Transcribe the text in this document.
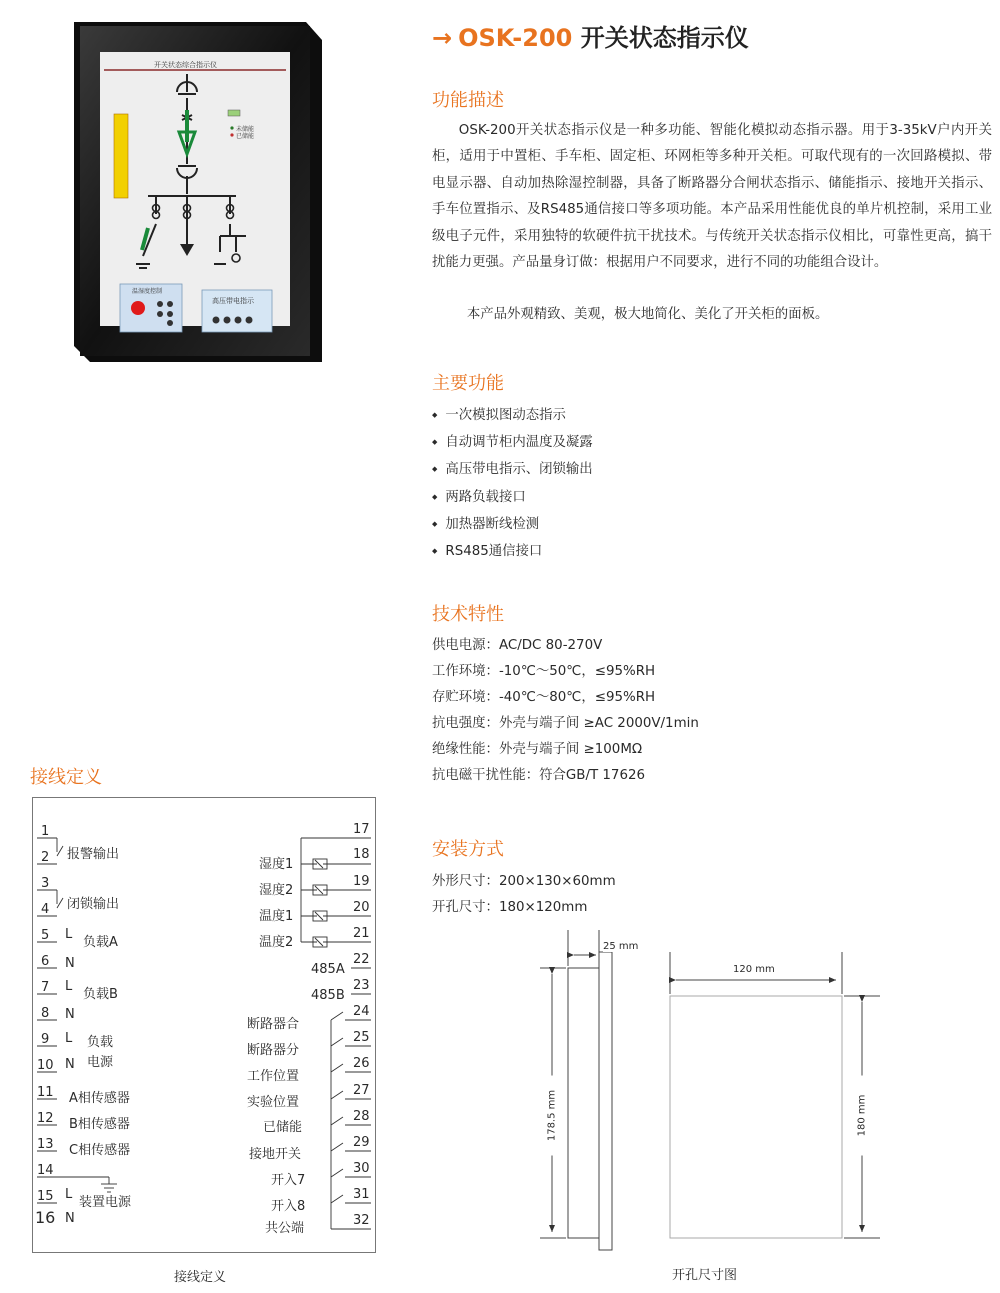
开关状态综合指示仪
未储能
已储能
温湿度控制
高压带电指示
→ OSK-200 开关状态指示仪
功能描述
OSK-200开关状态指示仪是一种多功能、智能化模拟动态指示器。用于3-35kV户内开关柜，适用于中置柜、手车柜、固定柜、环网柜等多种开关柜。可取代现有的一次回路模拟、带电显示器、自动加热除湿控制器，具备了断路器分合闸状态指示、储能指示、接地开关指示、手车位置指示、及RS485通信接口等多项功能。本产品采用性能优良的单片机控制，采用工业级电子元件，采用独特的软硬件抗干扰技术。与传统开关状态指示仪相比，可靠性更高，搞干扰能力更强。产品量身订做：根据用户不同要求，进行不同的功能组合设计。
本产品外观精致、美观，极大地简化、美化了开关柜的面板。
主要功能
◆ 一次模拟图动态指示
◆ 自动调节柜内温度及凝露
◆ 高压带电指示、闭锁输出
◆ 两路负载接口
◆ 加热器断线检测
◆ RS485通信接口
技术特性
供电电源：AC/DC 80-270V
工作环境：-10℃～50℃，≤95%RH
存贮环境：-40℃～80℃，≤95%RH
抗电强度：外壳与端子间 ≥AC 2000V/1min
绝缘性能：外壳与端子间 ≥100MΩ
抗电磁干扰性能：符合GB/T 17626
安装方式
外形尺寸：200×130×60mm
开孔尺寸：180×120mm
25 mm
178.5 mm
120 mm
180 mm
开孔尺寸图
接线定义
1
2
3
4
5
6
7
8
9
10
11
12
13
14
15
16
报警输出
闭锁输出
L
负载A
N
L
负载B
N
L 负载
N 电源
A相传感器
B相传感器
C相传感器
L
装置电源
N
17
18
19
20
21
22
23
24
25
26
27
28
29
30
31
32
湿度1
湿度2
温度1
温度2
485A
485B
断路器合
断路器分
工作位置
实验位置
已储能
接地开关
开入7
开入8
共公端
接线定义
